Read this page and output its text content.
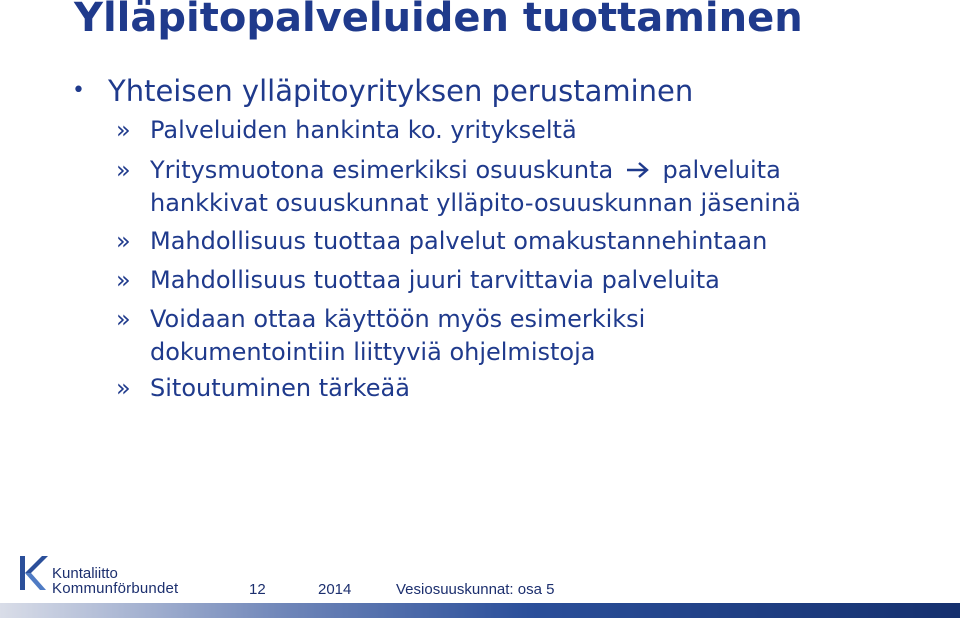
Ylläpitopalveluiden tuottaminen
• Yhteisen ylläpitoyrityksen perustaminen
» Palveluiden hankinta ko. yritykseltä
» Yritysmuotona esimerkiksi osuuskunta palveluita
hankkivat osuuskunnat ylläpito-osuuskunnan jäseninä
» Mahdollisuus tuottaa palvelut omakustannehintaan
» Mahdollisuus tuottaa juuri tarvittavia palveluita
» Voidaan ottaa käyttöön myös esimerkiksi
dokumentointiin liittyviä ohjelmistoja
» Sitoutuminen tärkeää
Kuntaliitto
Kommunförbundet	12	2014	Vesiosuuskunnat: osa 5
